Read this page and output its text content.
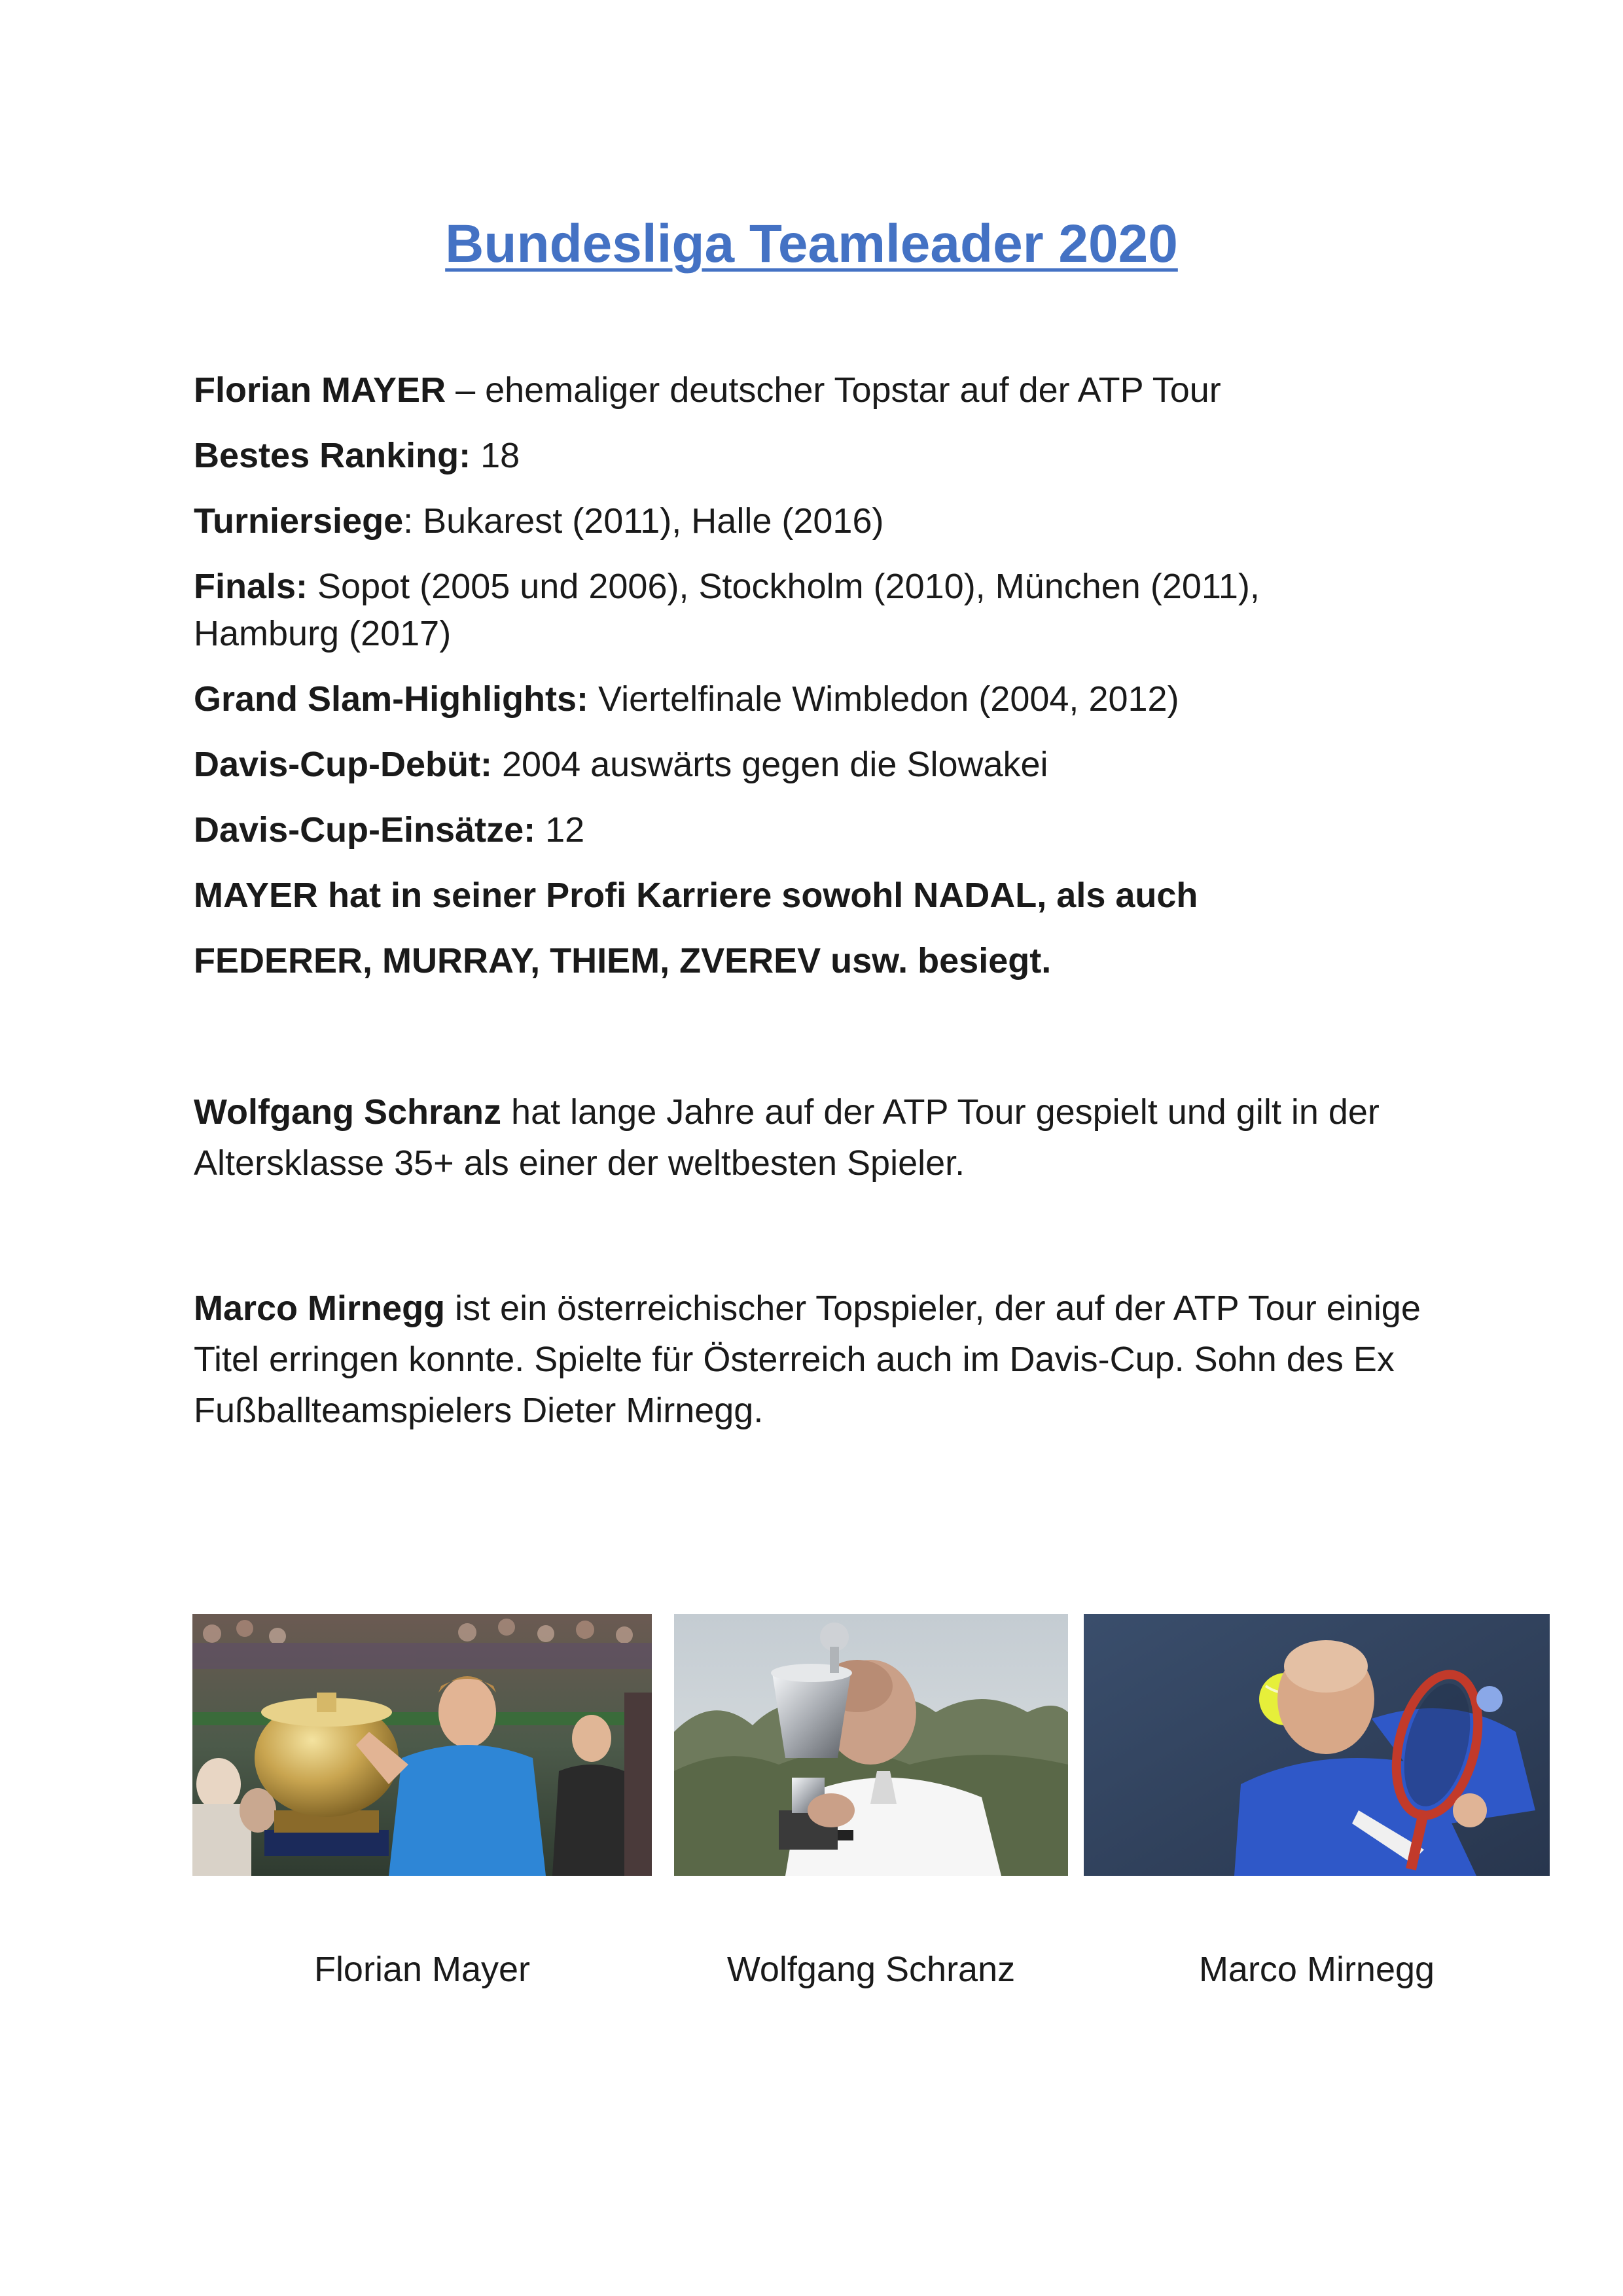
Bundesliga Teamleader 2020
Florian MAYER – ehemaliger deutscher Topstar auf der ATP Tour
Bestes Ranking: 18
Turniersiege: Bukarest (2011), Halle (2016)
Finals: Sopot (2005 und 2006), Stockholm (2010), München (2011), Hamburg (2017)
Grand Slam-Highlights: Viertelfinale Wimbledon (2004, 2012)
Davis-Cup-Debüt: 2004 auswärts gegen die Slowakei
Davis-Cup-Einsätze: 12
MAYER hat in seiner Profi Karriere sowohl NADAL, als auch
FEDERER, MURRAY, THIEM, ZVEREV usw. besiegt.
Wolfgang Schranz hat lange Jahre auf der ATP Tour gespielt und gilt in der Altersklasse 35+ als einer der weltbesten Spieler.
Marco Mirnegg ist ein österreichischer Topspieler, der auf der ATP Tour einige Titel erringen konnte. Spielte für Österreich auch im Davis-Cup. Sohn des Ex Fußballteamspielers Dieter Mirnegg.
Florian Mayer	Wolfgang Schranz	Marco Mirnegg
